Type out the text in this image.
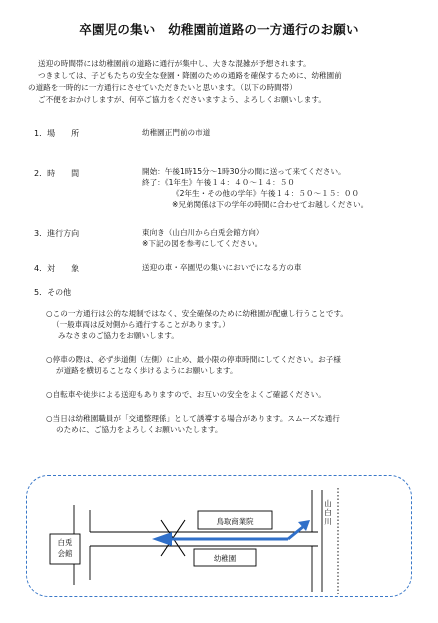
卒園児の集い　幼稚園前道路の一方通行のお願い
送迎の時間帯には幼稚園前の道路に通行が集中し、大きな混雑が予想されます。
つきましては、子どもたちの安全な登園・降園のための通路を確保するために、幼稚園前
の道路を一時的に一方通行にさせていただきたいと思います。（以下の時間帯）
ご不便をおかけしますが、何卒ご協力をくださいますよう、よろしくお願いします。
1．場　　所	幼稚園正門前の市道
2．時　　間	開始：午後1時15分～1時30分の間に送って来てください。
終了：《1年生》午後１４：４０～１４：５０
《2年生・その他の学年》午後１４：５０～１５：００
※兄弟関係は下の学年の時間に合わせてお越しください。
3．進行方向	東向き（山白川から白兎会館方向）
※下記の図を参考にしてください。
4．対　　象	送迎の車・卒園児の集いにおいでになる方の車
5．その他
○この一方通行は公的な規制ではなく、安全確保のために幼稚園が配慮し行うことです。
（一般車両は反対側から通行することがあります。）
みなさまのご協力をお願いします。
○停車の際は、必ず歩道側（左側）に止め、最小限の停車時間にしてください。お子様
が道路を横切ることなく歩けるようにお願いします。
○自転車や徒歩による送迎もありますので、お互いの安全をよくご確認ください。
○当日は幼稚園職員が「交通整理係」として誘導する場合があります。スムーズな通行
のために、ご協力をよろしくお願いいたします。
鳥取商業院
幼稚園
白兎
会館
山
白
川
